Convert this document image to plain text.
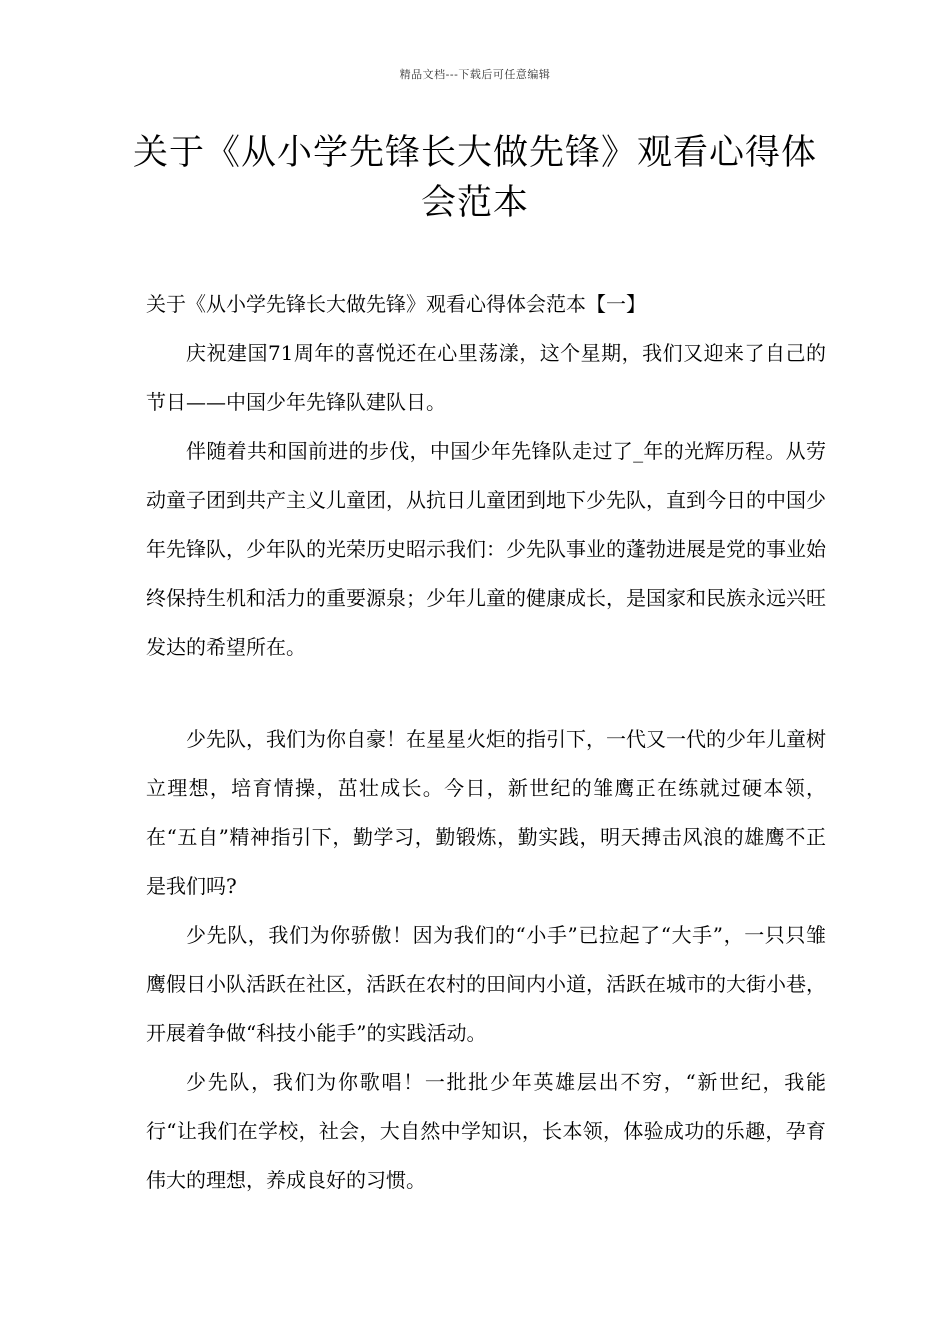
精品文档---下载后可任意编辑
关于《从小学先锋长大做先锋》观看心得体会范本

关于《从小学先锋长大做先锋》观看心得体会范本【一】

庆祝建国71周年的喜悦还在心里荡漾，这个星期，我们又迎来了自己的节日——中国少年先锋队建队日。

伴随着共和国前进的步伐，中国少年先锋队走过了_年的光辉历程。从劳动童子团到共产主义儿童团，从抗日儿童团到地下少先队，直到今日的中国少年先锋队，少年队的光荣历史昭示我们：少先队事业的蓬勃进展是党的事业始终保持生机和活力的重要源泉；少年儿童的健康成长，是国家和民族永远兴旺发达的希望所在。

少先队，我们为你自豪！在星星火炬的指引下，一代又一代的少年儿童树立理想，培育情操，茁壮成长。今日，新世纪的雏鹰正在练就过硬本领，在“五自”精神指引下，勤学习，勤锻炼，勤实践，明天搏击风浪的雄鹰不正是我们吗?

少先队，我们为你骄傲！因为我们的“小手”已拉起了“大手”，一只只雏鹰假日小队活跃在社区，活跃在农村的田间内小道，活跃在城市的大街小巷，开展着争做“科技小能手”的实践活动。

少先队，我们为你歌唱！一批批少年英雄层出不穷，“新世纪，我能行“让我们在学校，社会，大自然中学知识，长本领，体验成功的乐趣，孕育伟大的理想，养成良好的习惯。
